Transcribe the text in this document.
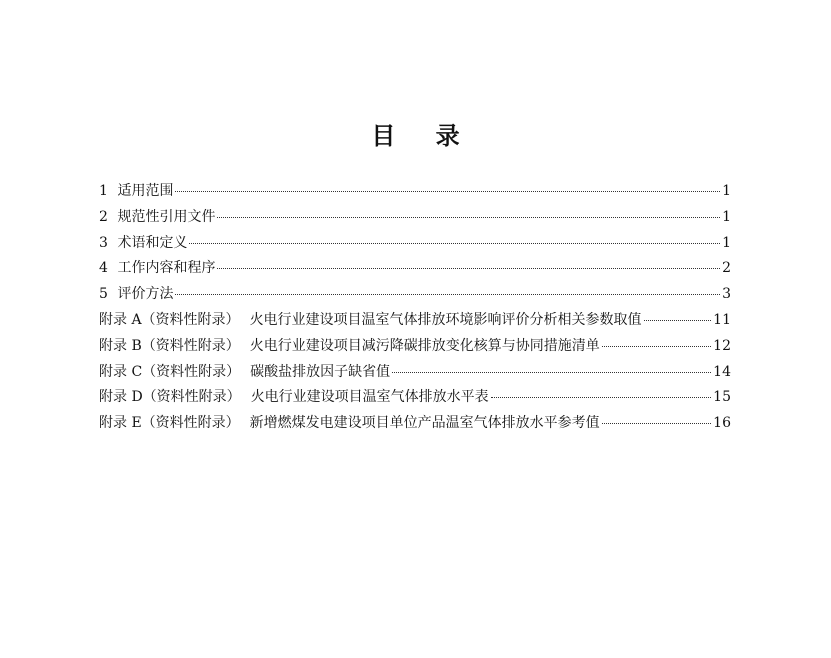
目 录
1 适用范围	1
2 规范性引用文件	1
3 术语和定义	1
4 工作内容和程序	2
5 评价方法	3
附录 A（资料性附录） 火电行业建设项目温室气体排放环境影响评价分析相关参数取值	11
附录 B（资料性附录） 火电行业建设项目减污降碳排放变化核算与协同措施清单	12
附录 C（资料性附录） 碳酸盐排放因子缺省值	14
附录 D（资料性附录） 火电行业建设项目温室气体排放水平表	15
附录 E（资料性附录） 新增燃煤发电建设项目单位产品温室气体排放水平参考值	16
